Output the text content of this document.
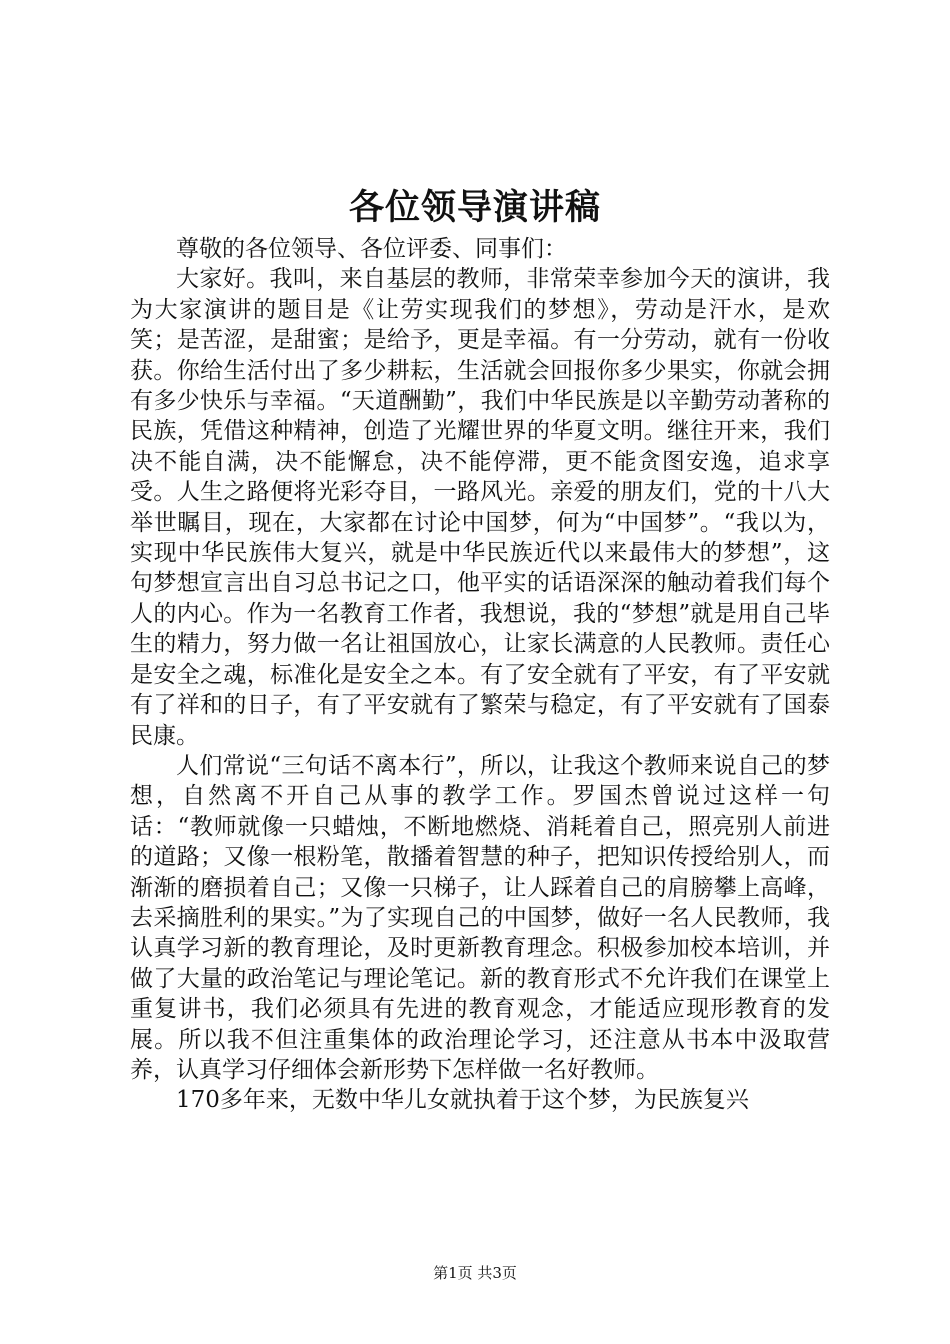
各位领导演讲稿

尊敬的各位领导、各位评委、同事们：

大家好。我叫，来自基层的教师，非常荣幸参加今天的演讲，我为大家演讲的题目是《让劳实现我们的梦想》，劳动是汗水，是欢笑；是苦涩，是甜蜜；是给予，更是幸福。有一分劳动，就有一份收获。你给生活付出了多少耕耘，生活就会回报你多少果实，你就会拥有多少快乐与幸福。“天道酬勤”，我们中华民族是以辛勤劳动著称的民族，凭借这种精神，创造了光耀世界的华夏文明。继往开来，我们决不能自满，决不能懈怠，决不能停滞，更不能贪图安逸，追求享受。人生之路便将光彩夺目，一路风光。亲爱的朋友们，党的十八大举世瞩目，现在，大家都在讨论中国梦，何为“中国梦”。“我以为，实现中华民族伟大复兴，就是中华民族近代以来最伟大的梦想”，这句梦想宣言出自习总书记之口，他平实的话语深深的触动着我们每个人的内心。作为一名教育工作者，我想说，我的“梦想”就是用自己毕生的精力，努力做一名让祖国放心，让家长满意的人民教师。责任心是安全之魂，标准化是安全之本。有了安全就有了平安，有了平安就有了祥和的日子，有了平安就有了繁荣与稳定，有了平安就有了国泰民康。

人们常说“三句话不离本行”，所以，让我这个教师来说自己的梦想，自然离不开自己从事的教学工作。罗国杰曾说过这样一句话：“教师就像一只蜡烛，不断地燃烧、消耗着自己，照亮别人前进的道路；又像一根粉笔，散播着智慧的种子，把知识传授给别人，而渐渐的磨损着自己；又像一只梯子，让人踩着自己的肩膀攀上高峰，去采摘胜利的果实。”为了实现自己的中国梦，做好一名人民教师，我认真学习新的教育理论，及时更新教育理念。积极参加校本培训，并做了大量的政治笔记与理论笔记。新的教育形式不允许我们在课堂上重复讲书，我们必须具有先进的教育观念，才能适应现形教育的发展。所以我不但注重集体的政治理论学习，还注意从书本中汲取营养，认真学习仔细体会新形势下怎样做一名好教师。

170多年来，无数中华儿女就执着于这个梦，为民族复兴

第1页 共3页
